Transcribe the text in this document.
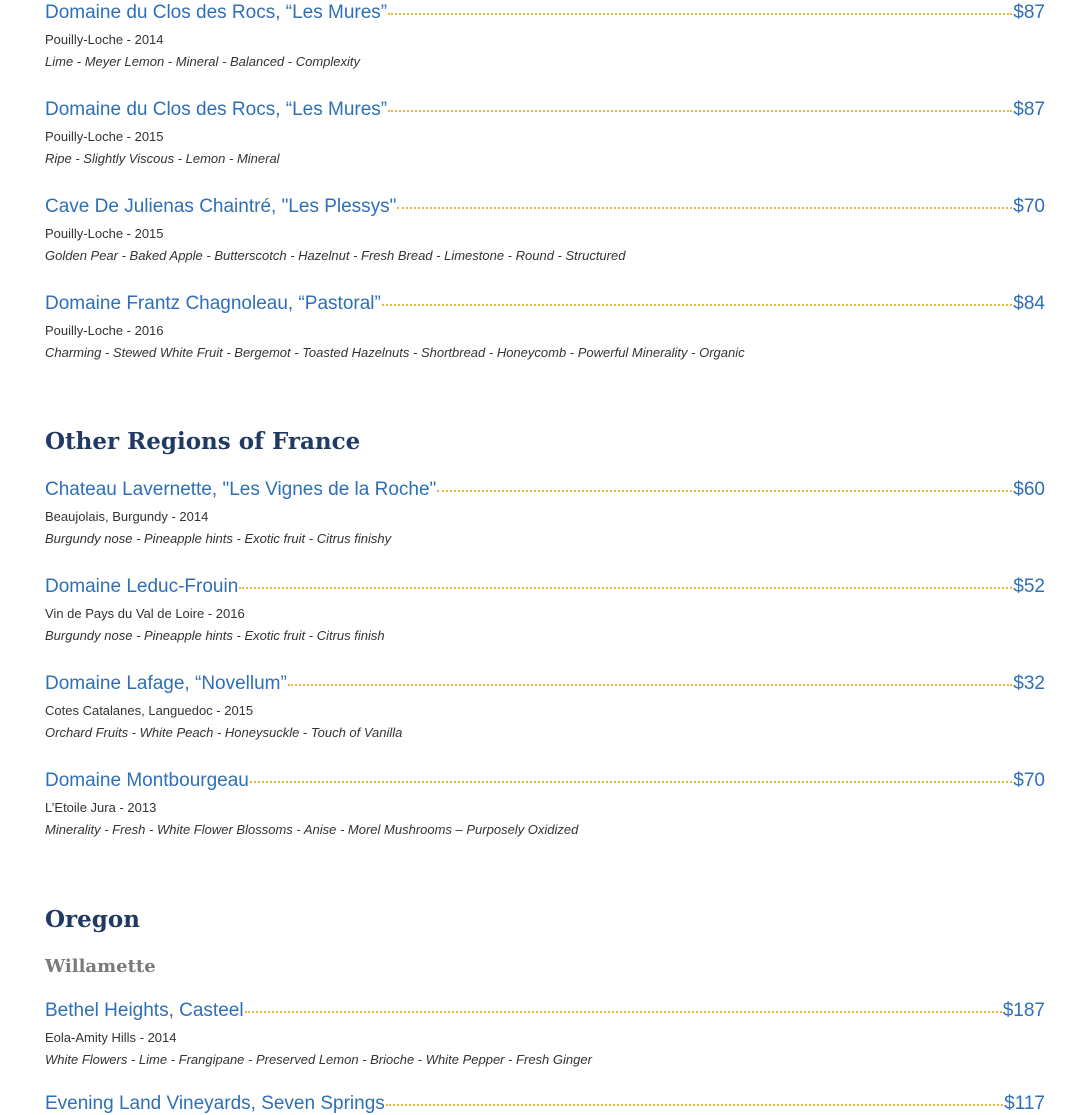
Domaine du Clos des Rocs, “Les Mures”	$87
Pouilly-Loche - 2014
Lime - Meyer Lemon - Mineral - Balanced - Complexity
Domaine du Clos des Rocs, “Les Mures”	$87
Pouilly-Loche - 2015
Ripe - Slightly Viscous - Lemon - Mineral
Cave De Julienas Chaintré, "Les Plessys"	$70
Pouilly-Loche - 2015
Golden Pear - Baked Apple - Butterscotch - Hazelnut - Fresh Bread - Limestone - Round - Structured
Domaine Frantz Chagnoleau, “Pastoral”	$84
Pouilly-Loche - 2016
Charming - Stewed White Fruit - Bergemot - Toasted Hazelnuts - Shortbread - Honeycomb - Powerful Minerality - Organic
Other Regions of France
Chateau Lavernette, "Les Vignes de la Roche"	$60
Beaujolais, Burgundy - 2014
Burgundy nose - Pineapple hints - Exotic fruit - Citrus finishy
Domaine Leduc-Frouin	$52
Vin de Pays du Val de Loire - 2016
Burgundy nose - Pineapple hints - Exotic fruit - Citrus finish
Domaine Lafage, “Novellum”	$32
Cotes Catalanes, Languedoc - 2015
Orchard Fruits - White Peach - Honeysuckle - Touch of Vanilla
Domaine Montbourgeau	$70
L’Etoile Jura - 2013
Minerality - Fresh - White Flower Blossoms - Anise - Morel Mushrooms – Purposely Oxidized
Oregon
Willamette
Bethel Heights, Casteel	$187
Eola-Amity Hills - 2014
White Flowers - Lime - Frangipane - Preserved Lemon - Brioche - White Pepper - Fresh Ginger
Evening Land Vineyards, Seven Springs	$117
